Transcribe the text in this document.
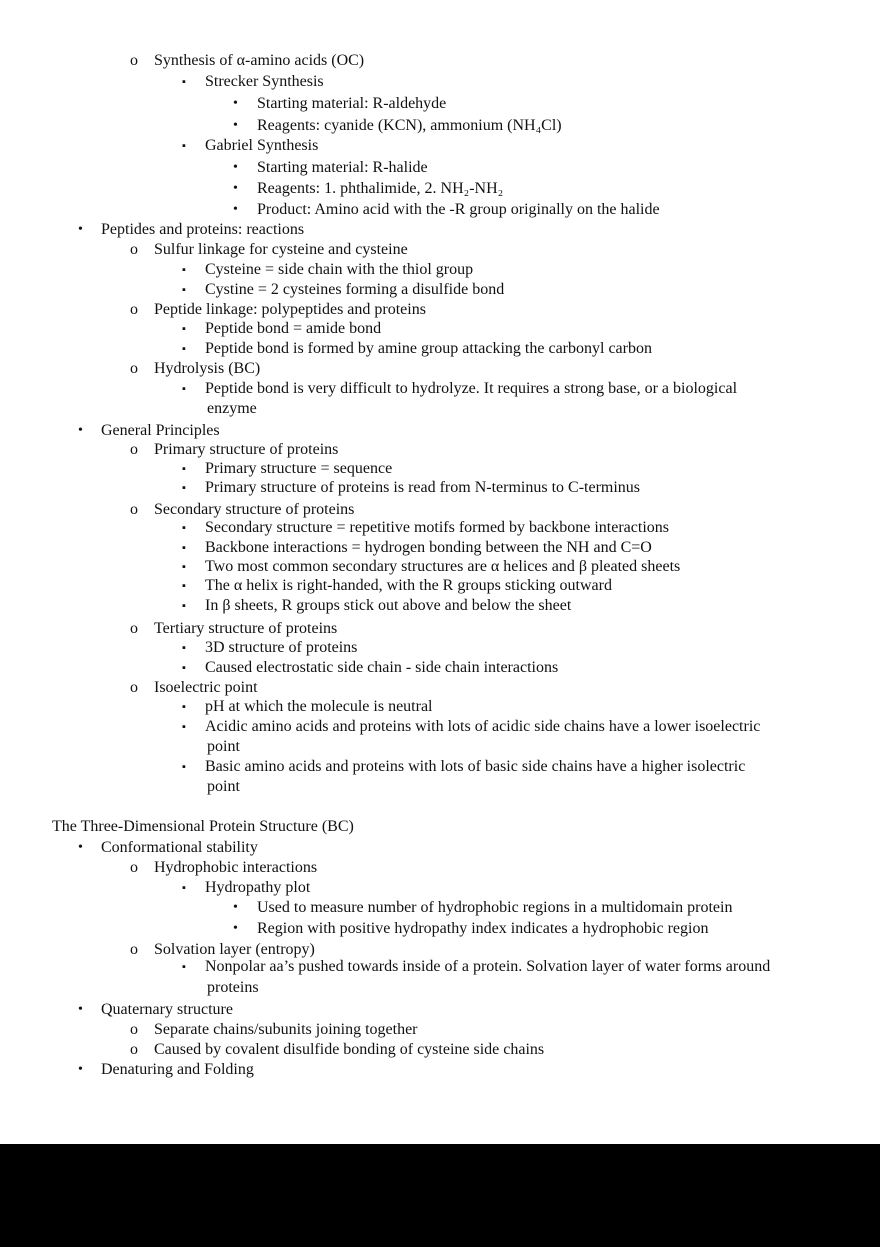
o Synthesis of α-amino acids (OC)
▪ Strecker Synthesis
• Starting material: R-aldehyde
• Reagents: cyanide (KCN), ammonium (NH₄Cl)
▪ Gabriel Synthesis
• Starting material: R-halide
• Reagents: 1. phthalimide, 2. NH₂-NH₂
• Product: Amino acid with the -R group originally on the halide
• Peptides and proteins: reactions
o Sulfur linkage for cysteine and cysteine
▪ Cysteine = side chain with the thiol group
▪ Cystine = 2 cysteines forming a disulfide bond
o Peptide linkage: polypeptides and proteins
▪ Peptide bond = amide bond
▪ Peptide bond is formed by amine group attacking the carbonyl carbon
o Hydrolysis (BC)
▪ Peptide bond is very difficult to hydrolyze. It requires a strong base, or a biological
enzyme
• General Principles
o Primary structure of proteins
▪ Primary structure = sequence
▪ Primary structure of proteins is read from N-terminus to C-terminus
o Secondary structure of proteins
▪ Secondary structure = repetitive motifs formed by backbone interactions
▪ Backbone interactions = hydrogen bonding between the NH and C=O
▪ Two most common secondary structures are α helices and β pleated sheets
▪ The α helix is right-handed, with the R groups sticking outward
▪ In β sheets, R groups stick out above and below the sheet
o Tertiary structure of proteins
▪ 3D structure of proteins
▪ Caused electrostatic side chain - side chain interactions
o Isoelectric point
▪ pH at which the molecule is neutral
▪ Acidic amino acids and proteins with lots of acidic side chains have a lower isoelectric
point
▪ Basic amino acids and proteins with lots of basic side chains have a higher isolectric
point
The Three-Dimensional Protein Structure (BC)
• Conformational stability
o Hydrophobic interactions
▪ Hydropathy plot
• Used to measure number of hydrophobic regions in a multidomain protein
• Region with positive hydropathy index indicates a hydrophobic region
o Solvation layer (entropy)
▪ Nonpolar aa’s pushed towards inside of a protein. Solvation layer of water forms around
proteins
• Quaternary structure
o Separate chains/subunits joining together
o Caused by covalent disulfide bonding of cysteine side chains
• Denaturing and Folding
